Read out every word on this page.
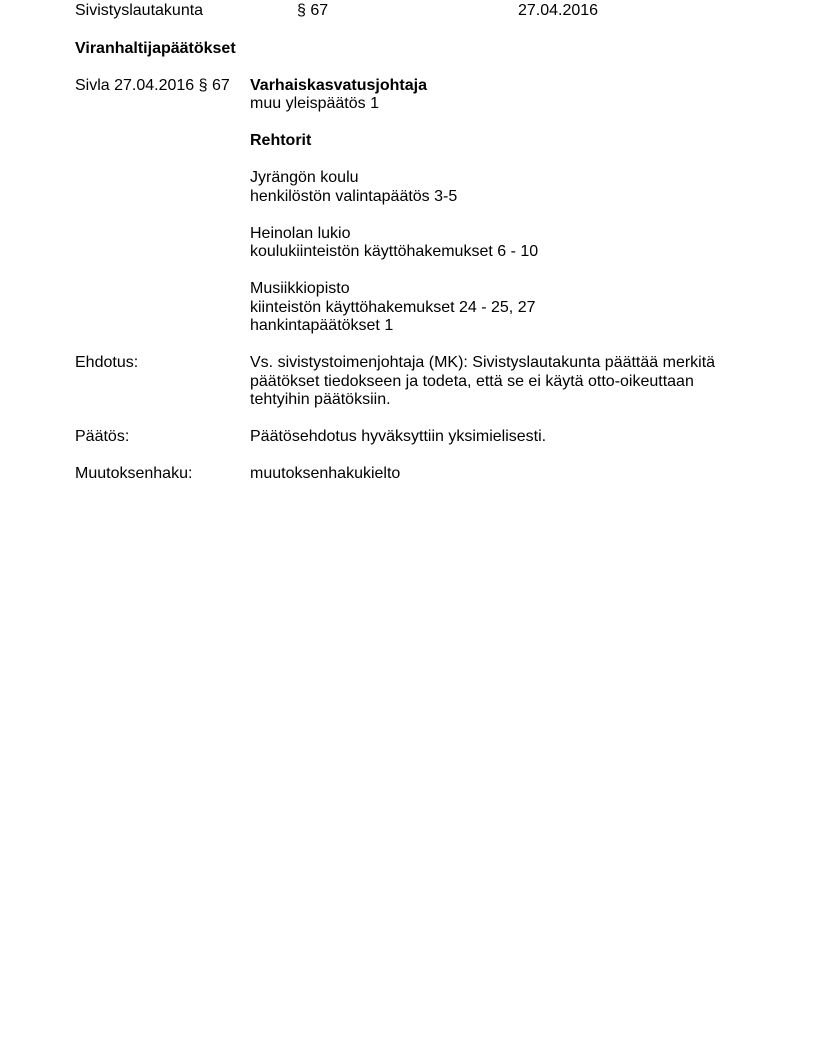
Sivistyslautakunta	§ 67	27.04.2016
Viranhaltijapäätökset
Sivla 27.04.2016 § 67	Varhaiskasvatusjohtaja
muu yleispäätös 1
Rehtorit
Jyrängön koulu
henkilöstön valintapäätös 3-5
Heinolan lukio
koulukiinteistön käyttöhakemukset 6 - 10
Musiikkiopisto
kiinteistön käyttöhakemukset 24 - 25, 27
hankintapäätökset 1
Ehdotus:	Vs. sivistystoimenjohtaja (MK): Sivistyslautakunta päättää merkitä päätökset tiedokseen ja todeta, että se ei käytä otto-oikeuttaan tehtyihin päätöksiin.
Päätös:	Päätösehdotus hyväksyttiin yksimielisesti.
Muutoksenhaku:	muutoksenhakukielto
